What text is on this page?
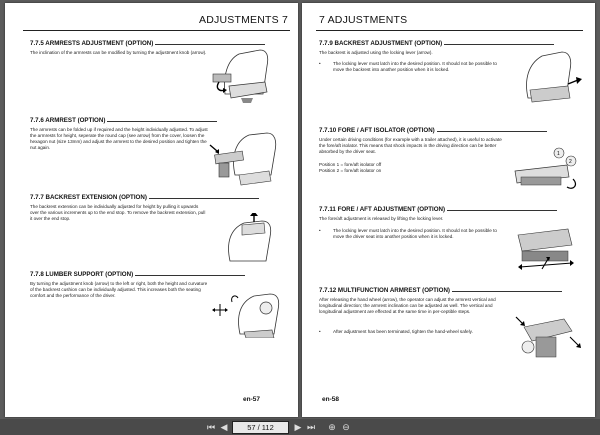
ADJUSTMENTS 7
7.7.5 ARMRESTS ADJUSTMENT (OPTION)
The inclination of the armrests can be modified by turning the adjustment knob (arrow).
7.7.6 ARMREST (OPTION)
The armrests can be folded up if required and the height individually adjusted. To adjust the armrests for height, seperate the round cap (see arrow) from the cover, loosen the hexagon nut (size 13mm) and adjust the armrest to the desired position and tighten the nut again.
7.7.7 BACKREST EXTENSION (OPTION)
The backrest extension can be individually adjusted for height by pulling it upwards over the various increments up to the end stop. To remove the backrest extension, pull it over the end stop.
7.7.8 LUMBER SUPPORT (OPTION)
By turning the adjustment knob (arrow) to the left or right, both the height and curvature of the backrest cushion can be individually adjusted. This increases both the seating comfort and the performance of the driver.
en-57
7 ADJUSTMENTS
7.7.9 BACKREST ADJUSTMENT (OPTION)
The backrest is adjusted using the locking lever (arrow).
•	The locking lever must latch into the desired position. It should not be possible to move the backrest into another position when it is locked.
7.7.10 FORE / AFT ISOLATOR (OPTION)
Under certain driving conditions (for example with a trailer attached), it is useful to activate the fore/aft isolator. This means that shock impacts in the driving direction can be better absorbed by the driver seat.
Position 1 = fore/aft isolator off
Position 2 = fore/aft isolator on
1
2
7.7.11 FORE / AFT ADJUSTMENT (OPTION)
The fore/aft adjustment is released by lifting the locking lever.
•	The locking lever must latch into the desired position. It should not be possible to move the driver seat into another position when it is locked.
7.7.12 MULTIFUNCTION ARMREST (OPTION)
After releasing the hand wheel (arrow), the operator can adjust the armrest vertical and longitudinal direction; the armrest inclination can be adjusted as well. The vertical and longitudinal adjustment are effected at the same time in per-ceptible steps.
•	After adjustment has been terminated, tighten the hand-wheel safely.
en-58
⏮ ◀
57 / 112	▶ ⏭ ⊕ ⊖
